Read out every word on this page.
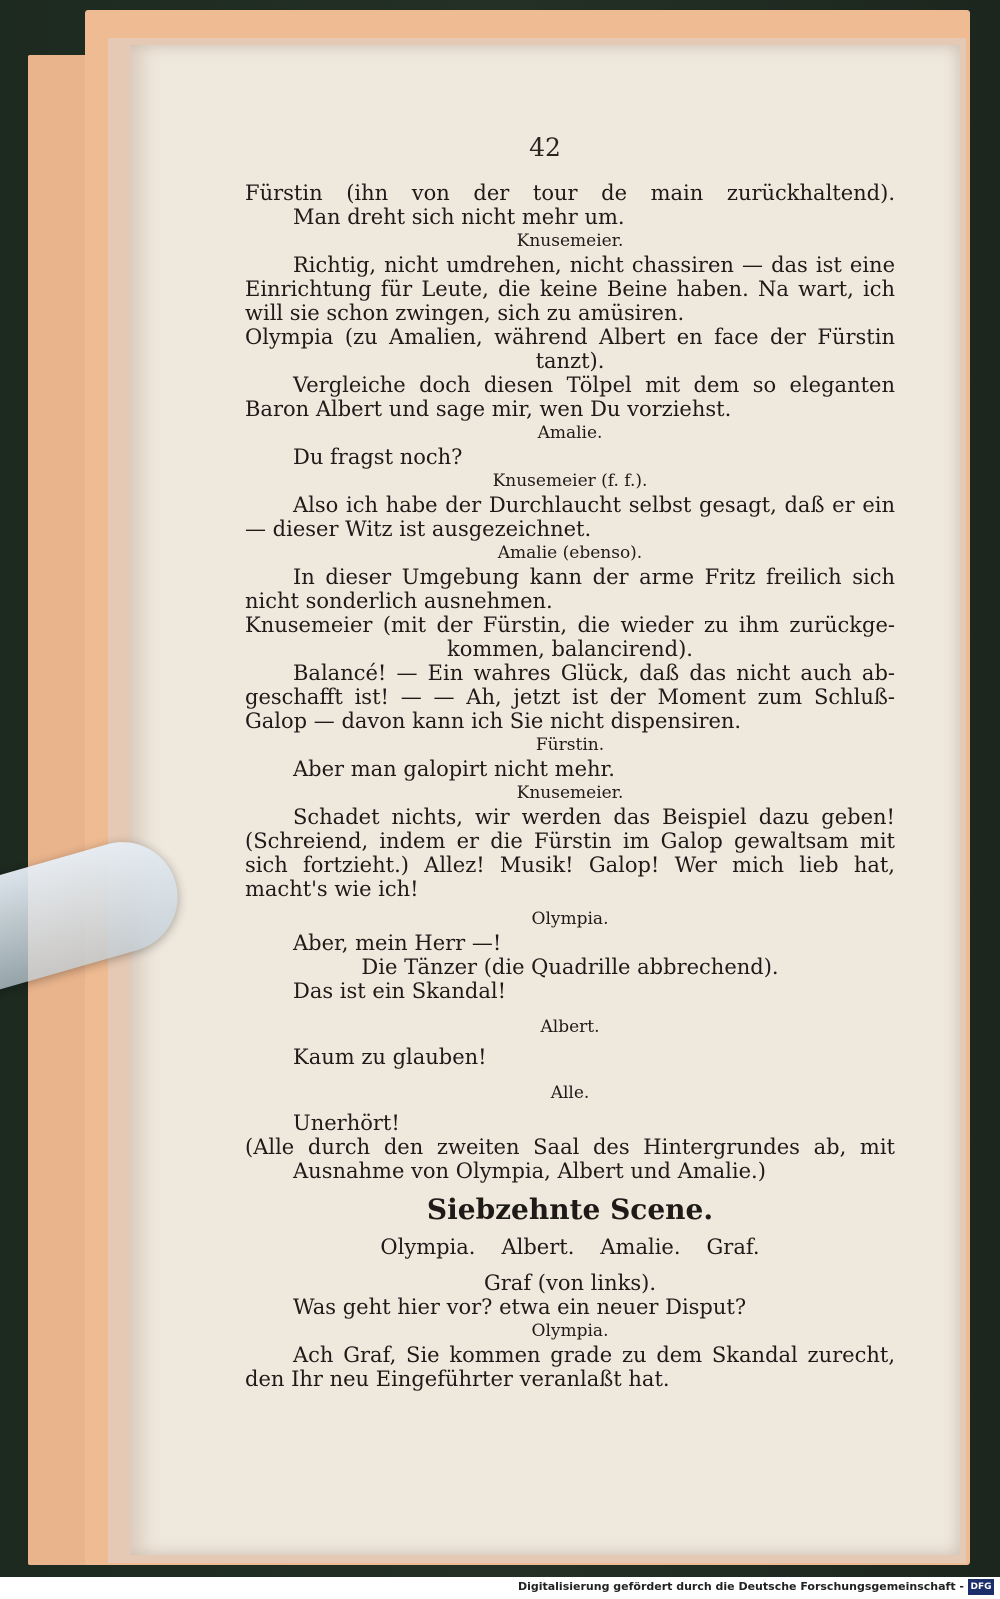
42
Fürstin (ihn von der tour de main zurückhaltend).
Man dreht sich nicht mehr um.
Knusemeier.
Richtig, nicht umdrehen, nicht chassiren — das ist eine
Einrichtung für Leute, die keine Beine haben. Na wart, ich
will sie schon zwingen, sich zu amüsiren.
Olympia (zu Amalien, während Albert en face der Fürstin
tanzt).
Vergleiche doch diesen Tölpel mit dem so eleganten
Baron Albert und sage mir, wen Du vorziehst.
Amalie.
Du fragst noch?
Knusemeier (f. f.).
Also ich habe der Durchlaucht selbst gesagt, daß er ein
— dieser Witz ist ausgezeichnet.
Amalie (ebenso).
In dieser Umgebung kann der arme Fritz freilich sich
nicht sonderlich ausnehmen.
Knusemeier (mit der Fürstin, die wieder zu ihm zurückge-
kommen, balancirend).
Balancé! — Ein wahres Glück, daß das nicht auch ab-
geschafft ist! — — Ah, jetzt ist der Moment zum Schluß-
Galop — davon kann ich Sie nicht dispensiren.
Fürstin.
Aber man galopirt nicht mehr.
Knusemeier.
Schadet nichts, wir werden das Beispiel dazu geben!
(Schreiend, indem er die Fürstin im Galop gewaltsam mit
sich fortzieht.) Allez! Musik! Galop! Wer mich lieb hat,
macht's wie ich!
Olympia.
Aber, mein Herr —!
Die Tänzer (die Quadrille abbrechend).
Das ist ein Skandal!
Albert.
Kaum zu glauben!
Alle.
Unerhört!
(Alle durch den zweiten Saal des Hintergrundes ab, mit
Ausnahme von Olympia, Albert und Amalie.)
Siebzehnte Scene.
Olympia. Albert. Amalie. Graf.
Graf (von links).
Was geht hier vor? etwa ein neuer Disput?
Olympia.
Ach Graf, Sie kommen grade zu dem Skandal zurecht,
den Ihr neu Eingeführter veranlaßt hat.
Digitalisierung gefördert durch die Deutsche Forschungsgemeinschaft - DFG
